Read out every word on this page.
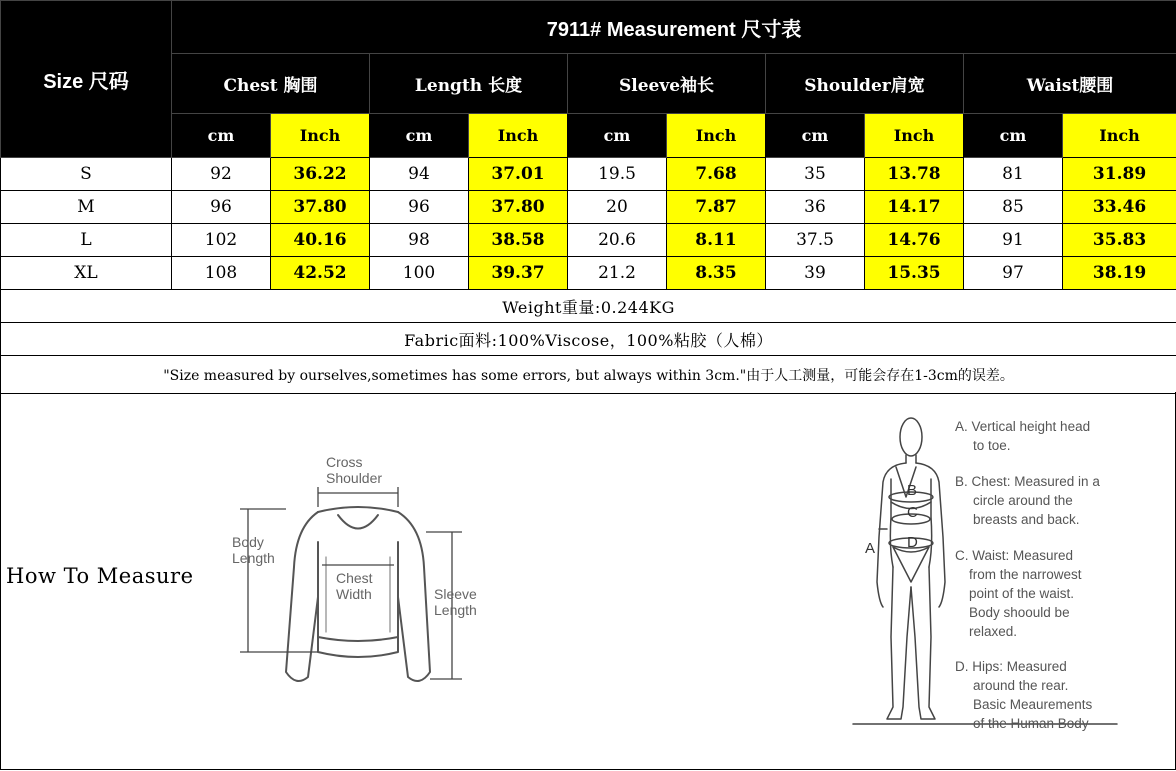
Size 尺码	7911# Measurement 尺寸表									
	Chest 胸围		Length 长度		Sleeve袖长		Shoulder肩宽		Waist腰围	
	cm	Inch	cm	Inch	cm	Inch	cm	Inch	cm	Inch
S	92	36.22	94	37.01	19.5	7.68	35	13.78	81	31.89
M	96	37.80	96	37.80	20	7.87	36	14.17	85	33.46
L	102	40.16	98	38.58	20.6	8.11	37.5	14.76	91	35.83
XL	108	42.52	100	39.37	21.2	8.35	39	15.35	97	38.19
Weight重量:0.244KG										
Fabric面料:100%Viscose，100%粘胶（人棉）										
"Size measured by ourselves,sometimes has some errors, but always within 3cm."由于人工测量，可能会存在1-3cm的误差。										
How To Measure
Cross Shoulder
Body Length
Chest Width	Sleeve Length
A
B
C
D
A. Vertical height head to toe.
B. Chest: Measured in a circle around the breasts and back.
C. Waist: Measured from the narrowest point of the waist. Body shoould be relaxed.
D. Hips: Measured around the rear. Basic Meaurements of the Human Body
